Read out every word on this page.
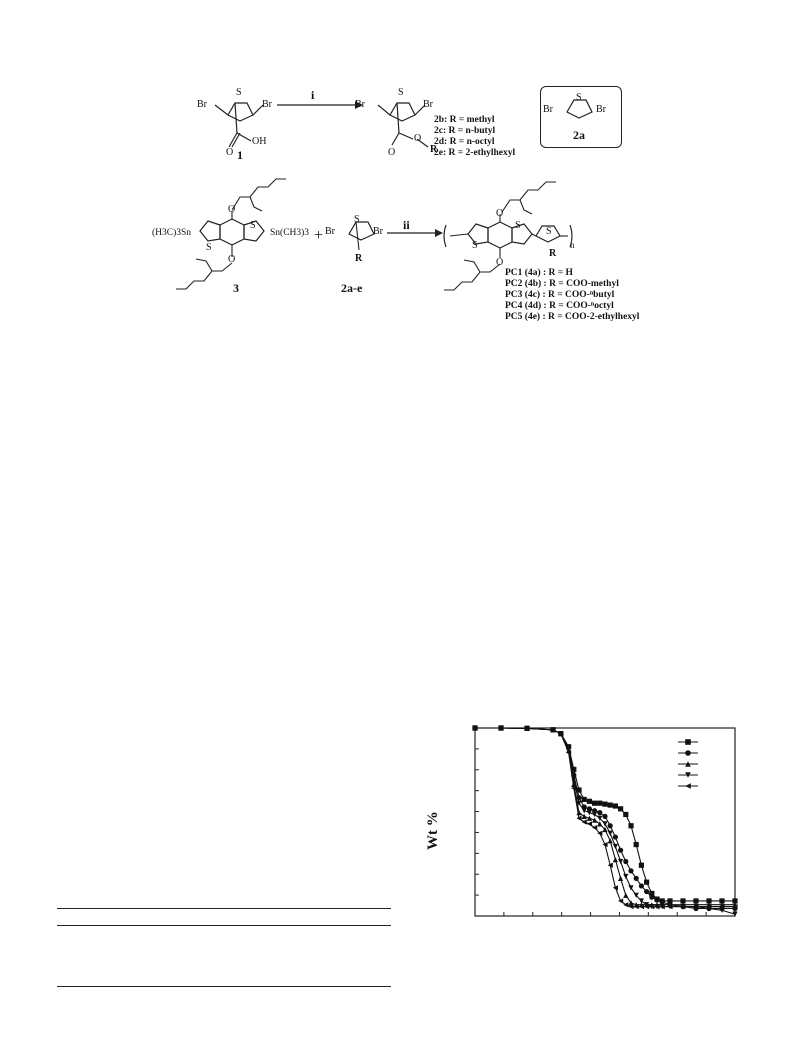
Br	Br
S
OH
O 1
i
Br	Br
S
O
O	R
2b: R = methyl
2c: R = n-butyl
2d: R = n-octyl
2e: R = 2-ethylhexyl
Br	Br
S
2a
(H3C)3Sn	Sn(CH3)3
S
S
O
O
3
+ Br	Br
S
R
2a-e
ii
S
S
S
O
O
R
n
PC1 (4a) : R = H
PC2 (4b) : R = COO-methyl
PC3 (4c) : R = COO-ⁿbutyl
PC4 (4d) : R = COO-ⁿoctyl
PC5 (4e) : R = COO-2-ethylhexyl
Wt %
